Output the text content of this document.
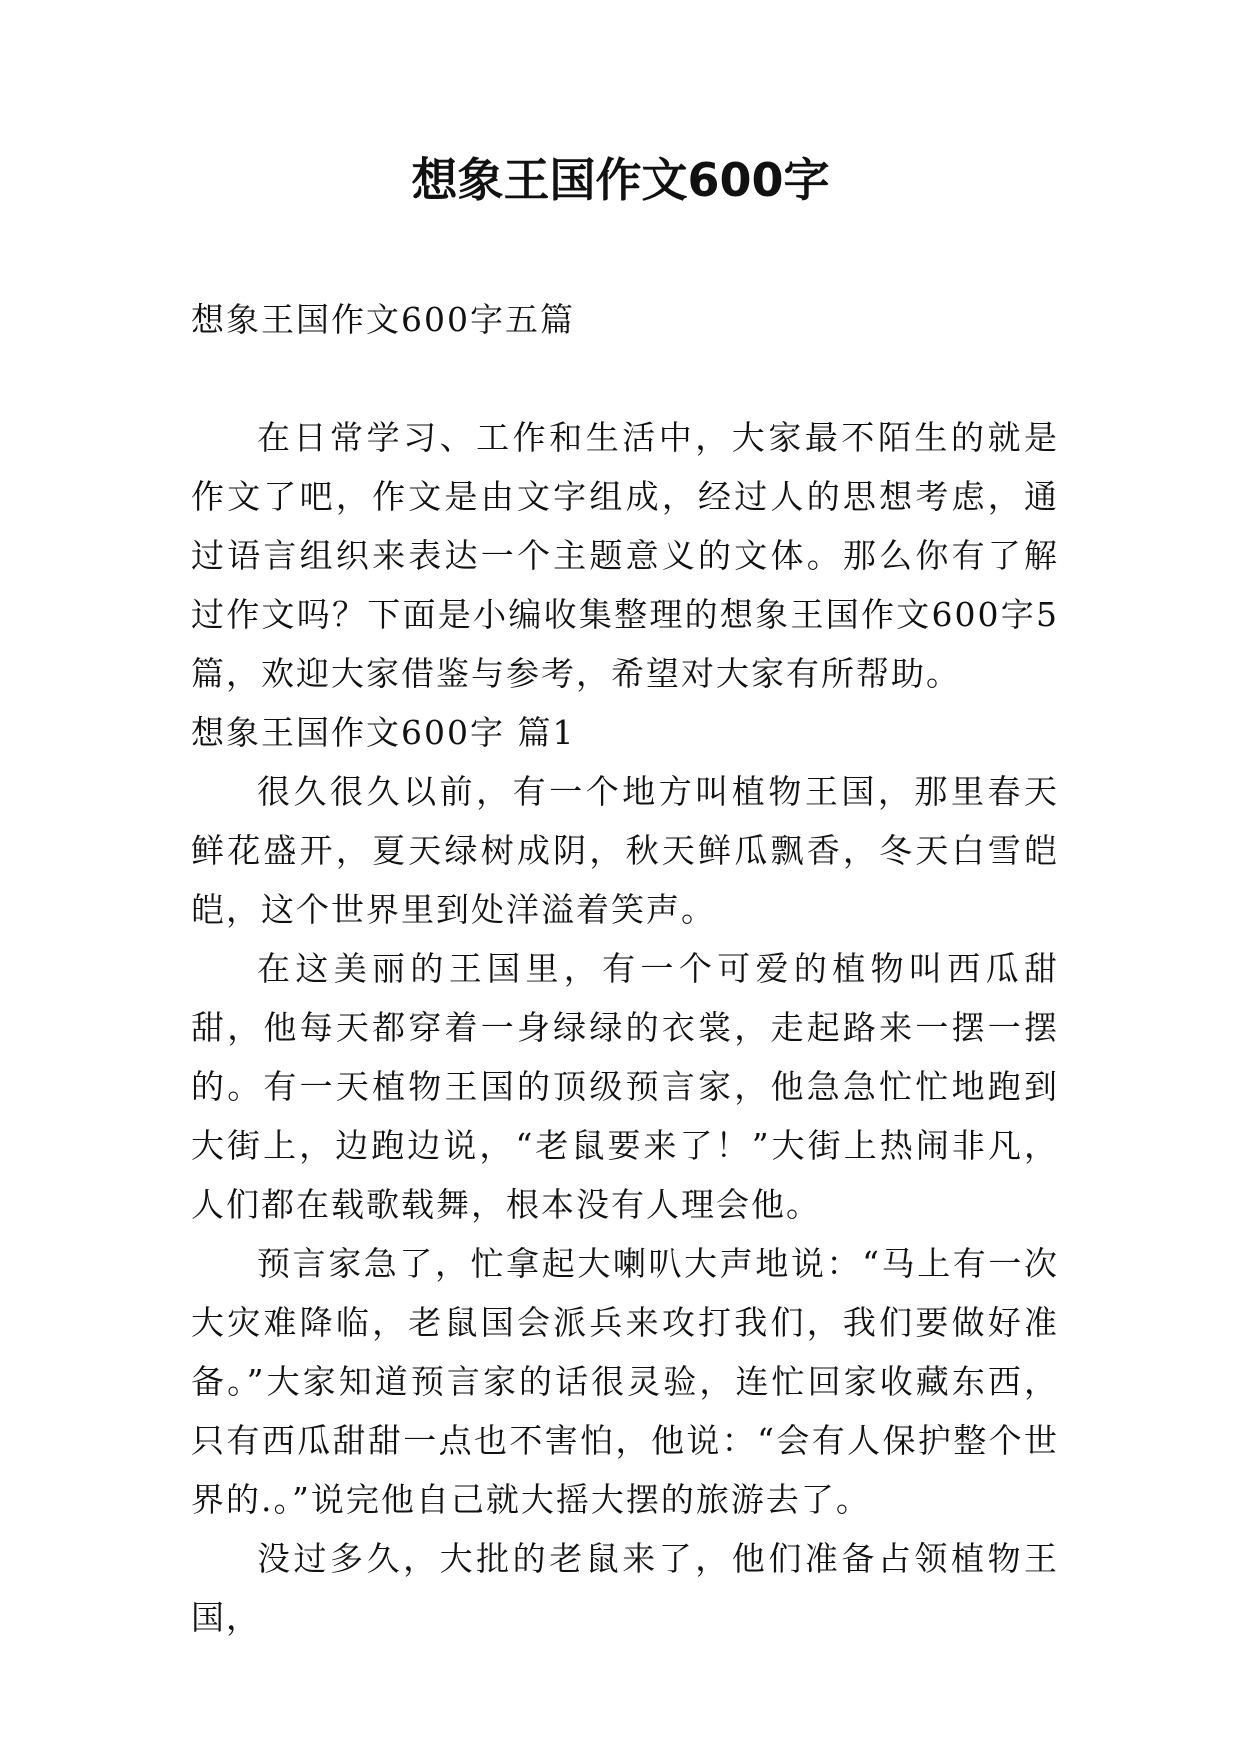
想象王国作文600字

想象王国作文600字五篇

在日常学习、工作和生活中，大家最不陌生的就是作文了吧，作文是由文字组成，经过人的思想考虑，通过语言组织来表达一个主题意义的文体。那么你有了解过作文吗？下面是小编收集整理的想象王国作文600字5篇，欢迎大家借鉴与参考，希望对大家有所帮助。

想象王国作文600字 篇1

很久很久以前，有一个地方叫植物王国，那里春天鲜花盛开，夏天绿树成阴，秋天鲜瓜飘香，冬天白雪皑皑，这个世界里到处洋溢着笑声。

在这美丽的王国里，有一个可爱的植物叫西瓜甜甜，他每天都穿着一身绿绿的衣裳，走起路来一摆一摆的。有一天植物王国的顶级预言家，他急急忙忙地跑到大街上，边跑边说，“老鼠要来了！”大街上热闹非凡，人们都在载歌载舞，根本没有人理会他。

预言家急了，忙拿起大喇叭大声地说：“马上有一次大灾难降临，老鼠国会派兵来攻打我们，我们要做好准备。”大家知道预言家的话很灵验，连忙回家收藏东西，只有西瓜甜甜一点也不害怕，他说：“会有人保护整个世界的.。”说完他自己就大摇大摆的旅游去了。

没过多久，大批的老鼠来了，他们准备占领植物王国，
